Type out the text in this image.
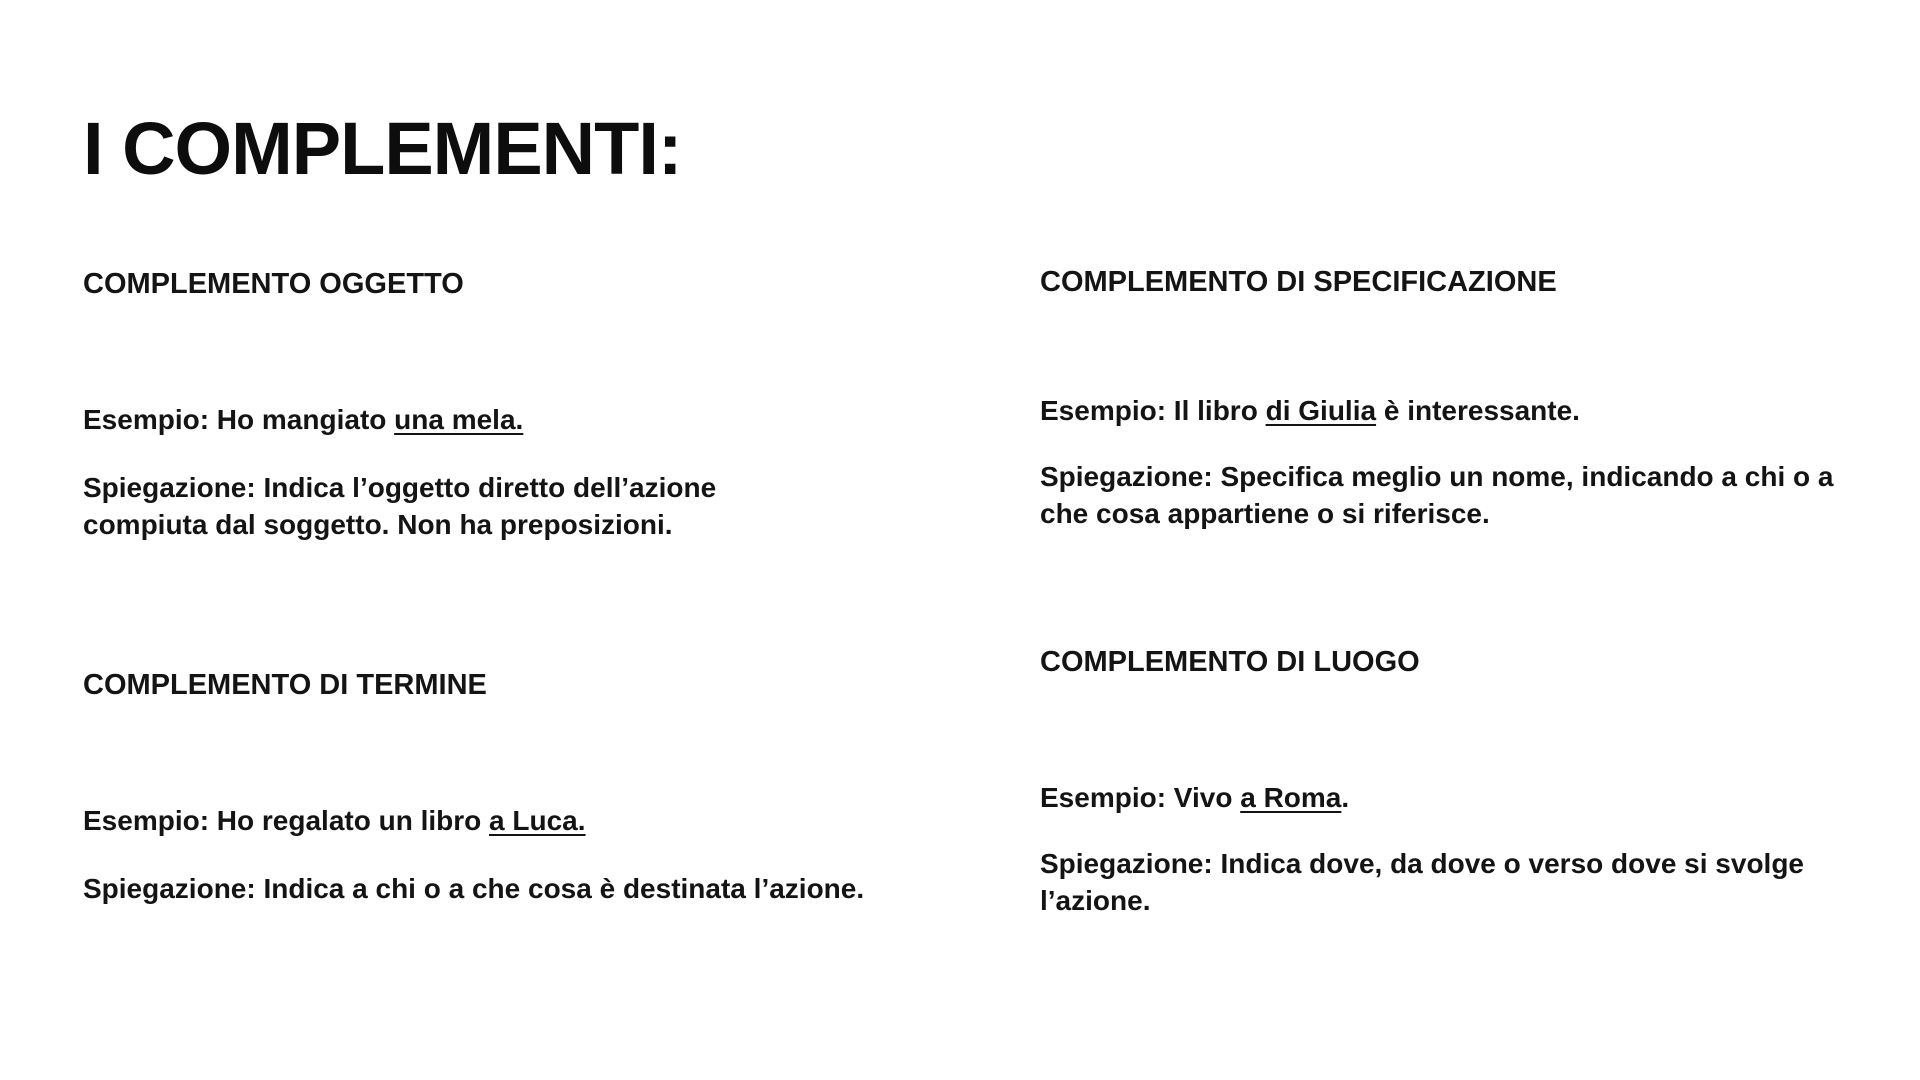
I COMPLEMENTI:
COMPLEMENTO OGGETTO

Esempio: Ho mangiato una mela.

Spiegazione: Indica l’oggetto diretto dell’azione compiuta dal soggetto. Non ha preposizioni.

COMPLEMENTO DI SPECIFICAZIONE

Esempio: Il libro di Giulia è interessante.

Spiegazione: Specifica meglio un nome, indicando a chi o a che cosa appartiene o si riferisce.

COMPLEMENTO DI TERMINE

Esempio: Ho regalato un libro a Luca.

Spiegazione: Indica a chi o a che cosa è destinata l’azione.

COMPLEMENTO DI LUOGO

Esempio: Vivo a Roma.

Spiegazione: Indica dove, da dove o verso dove si svolge l’azione.
